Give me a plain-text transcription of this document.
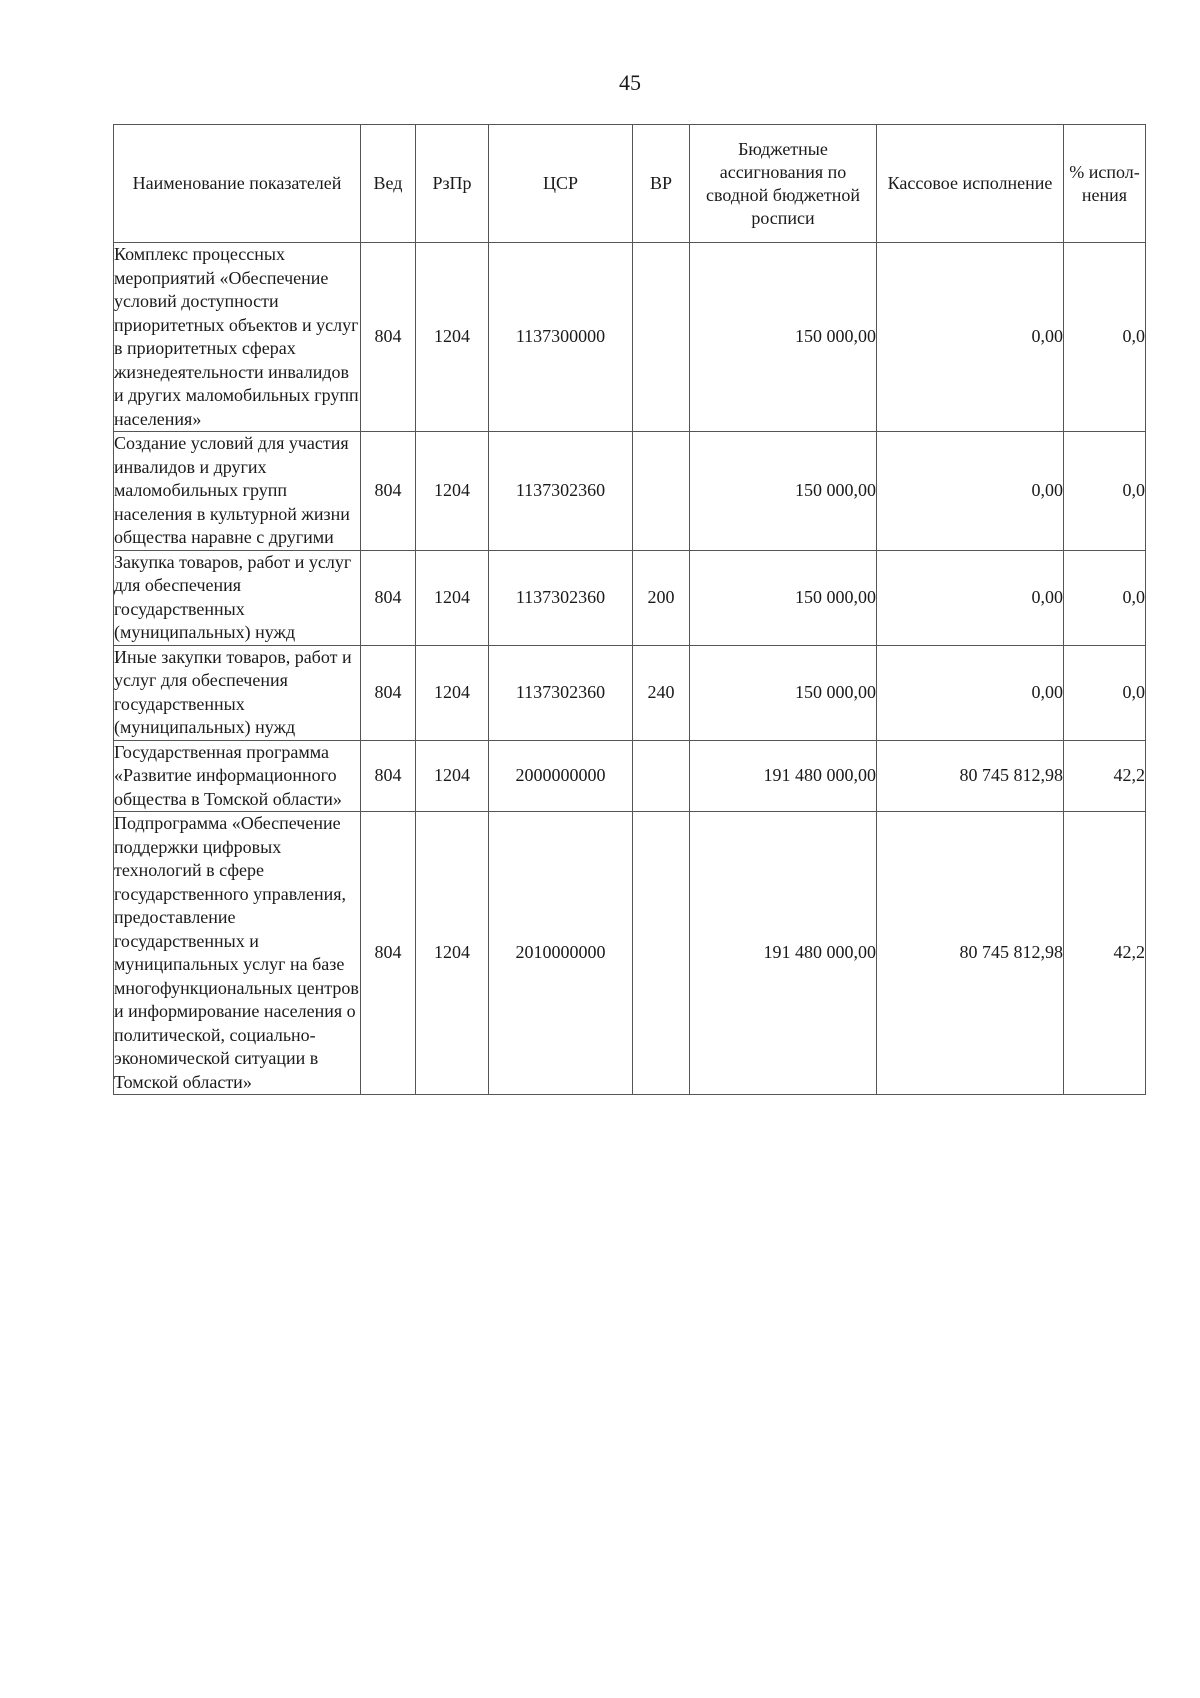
45
Наименование показателей	Вед	РзПр	ЦСР	ВР	Бюджетные ассигнования по сводной бюджетной росписи	Кассовое исполнение	% испол-нения
Комплекс процессных мероприятий «Обеспечение условий доступности приоритетных объектов и услуг в приоритетных сферах жизнедеятельности инвалидов и других маломобильных групп населения»	804	1204	1137300000		150 000,00	0,00	0,0
Создание условий для участия инвалидов и других маломобильных групп населения в культурной жизни общества наравне с другими	804	1204	1137302360		150 000,00	0,00	0,0
Закупка товаров, работ и услуг для обеспечения государственных (муниципальных) нужд	804	1204	1137302360	200	150 000,00	0,00	0,0
Иные закупки товаров, работ и услуг для обеспечения государственных (муниципальных) нужд	804	1204	1137302360	240	150 000,00	0,00	0,0
Государственная программа «Развитие информационного общества в Томской области»	804	1204	2000000000		191 480 000,00	80 745 812,98	42,2
Подпрограмма «Обеспечение поддержки цифровых технологий в сфере государственного управления, предоставление государственных и муниципальных услуг на базе многофункциональных центров и информирование населения о политической, социально-экономической ситуации в Томской области»	804	1204	2010000000		191 480 000,00	80 745 812,98	42,2
